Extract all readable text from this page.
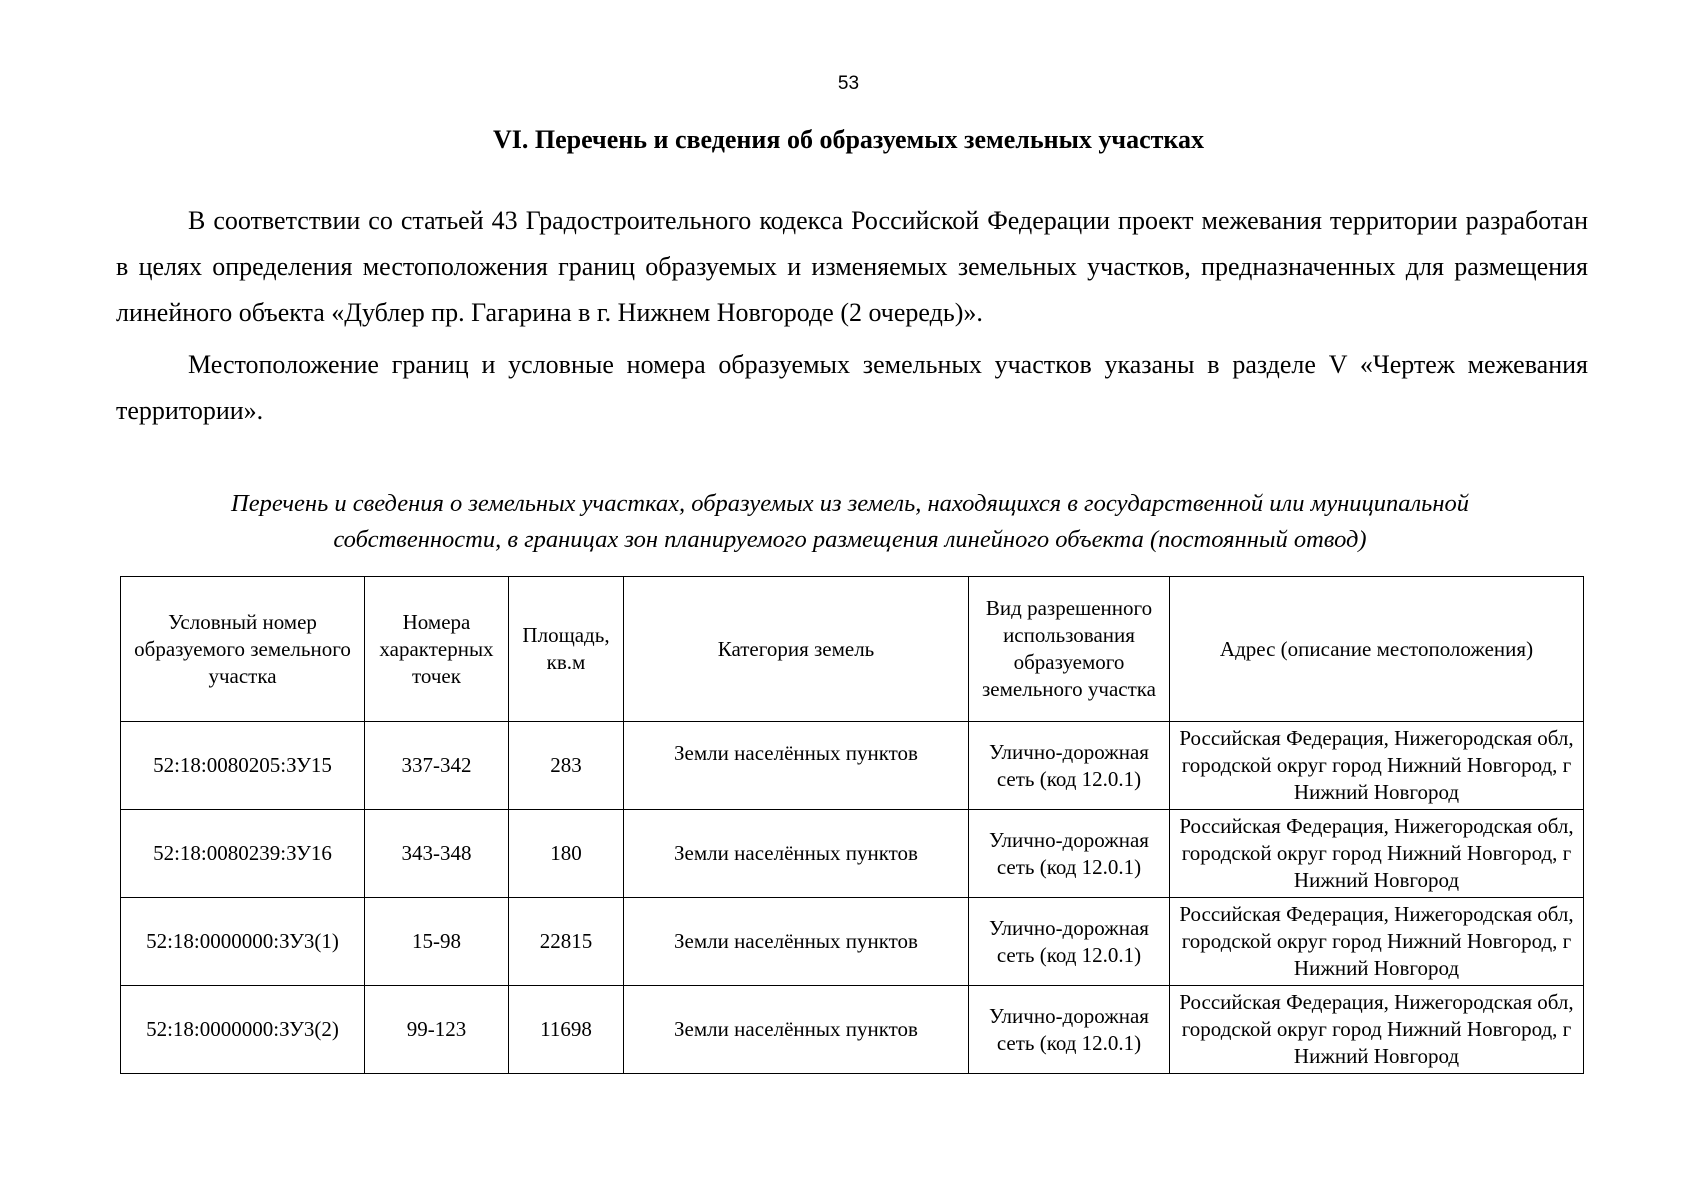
53
VI. Перечень и сведения об образуемых земельных участках
В соответствии со статьей 43 Градостроительного кодекса Российской Федерации проект межевания территории разработан в целях определения местоположения границ образуемых и изменяемых земельных участков, предназначенных для размещения линейного объекта «Дублер пр. Гагарина в г. Нижнем Новгороде (2 очередь)».
Местоположение границ и условные номера образуемых земельных участков указаны в разделе V «Чертеж межевания территории».
Перечень и сведения о земельных участках, образуемых из земель, находящихся в государственной или муниципальной
собственности, в границах зон планируемого размещения линейного объекта (постоянный отвод)
Условный номер образуемого земельного участка	Номера характерных точек	Площадь, кв.м	Категория земель	Вид разрешенного использования образуемого земельного участка	Адрес (описание местоположения)
52:18:0080205:ЗУ15	337-342	283	Земли населённых пунктов	Улично-дорожная сеть (код 12.0.1)	Российская Федерация, Нижегородская обл, городской округ город Нижний Новгород, г Нижний Новгород
52:18:0080239:ЗУ16	343-348	180	Земли населённых пунктов	Улично-дорожная сеть (код 12.0.1)	Российская Федерация, Нижегородская обл, городской округ город Нижний Новгород, г Нижний Новгород
52:18:0000000:ЗУ3(1)	15-98	22815	Земли населённых пунктов	Улично-дорожная сеть (код 12.0.1)	Российская Федерация, Нижегородская обл, городской округ город Нижний Новгород, г Нижний Новгород
52:18:0000000:ЗУ3(2)	99-123	11698	Земли населённых пунктов	Улично-дорожная сеть (код 12.0.1)	Российская Федерация, Нижегородская обл, городской округ город Нижний Новгород, г Нижний Новгород
